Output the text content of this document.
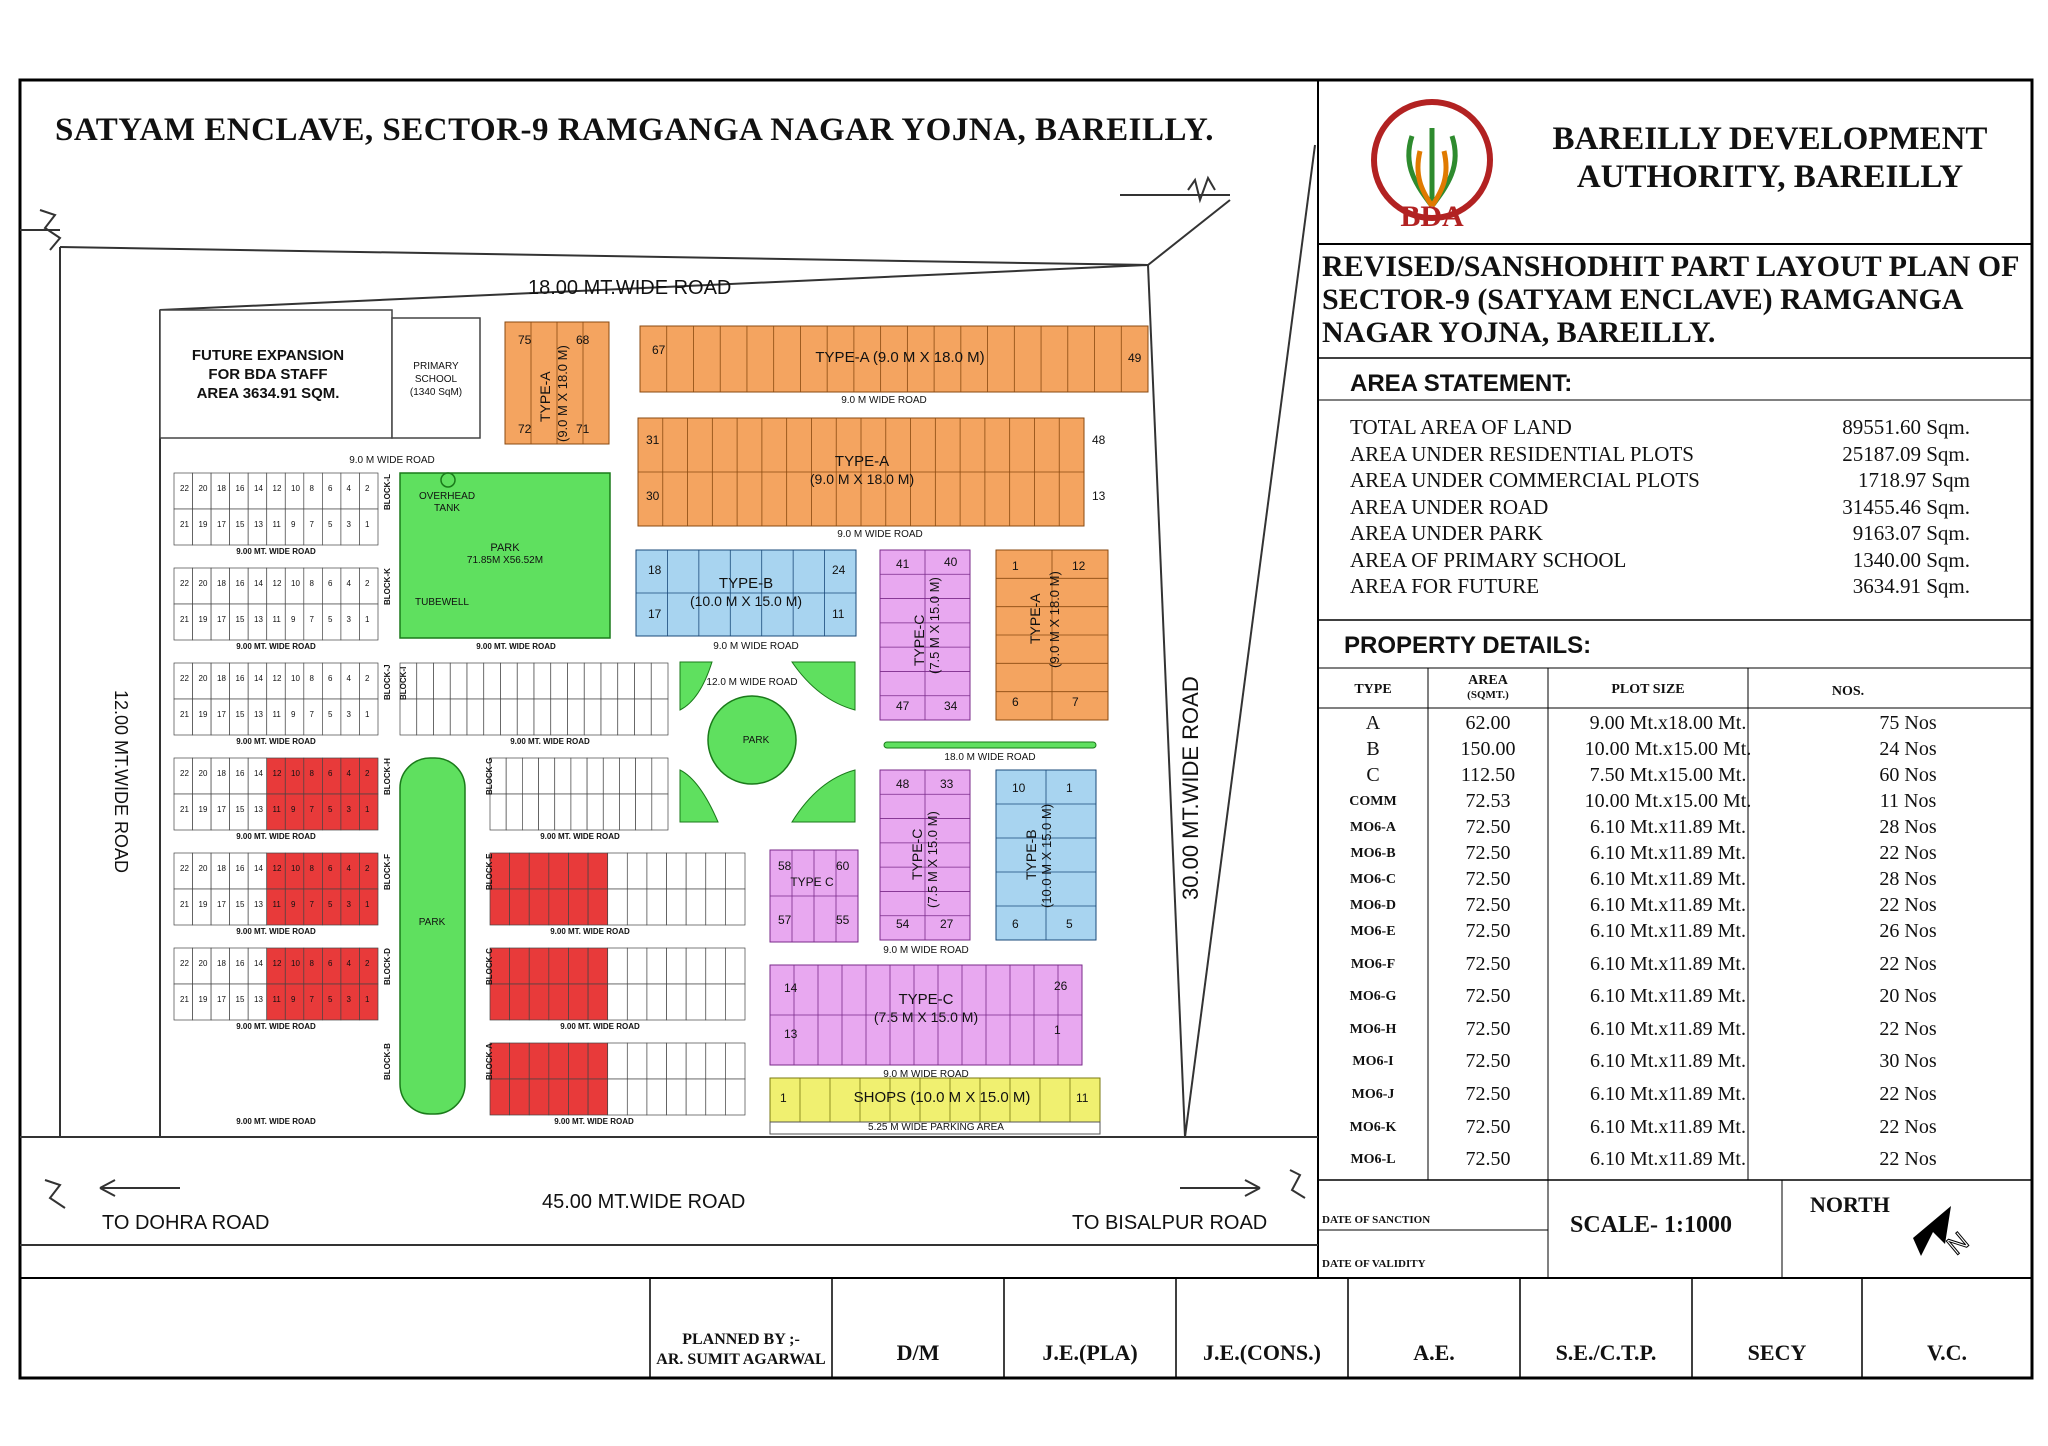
18.00 MT.WIDE ROAD
12.00 MT.WIDE ROAD	30.00 MT.WIDE ROAD
45.00 MT.WIDE ROAD
TO DOHRA ROAD	TO BISALPUR ROAD
FUTURE EXPANSION
FOR BDA STAFF
AREA 3634.91 SQM.
PRIMARY
SCHOOL
(1340 SqM)
PARK
71.85M X56.52M
OVERHEAD
TANK
TUBEWELL
PARK
PARK
TYPE-A (9.0 M X 18.0 M)
TYPE-A
(9.0 M X 18.0 M)
TYPE-A (9.0 M X 18.0 M)
TYPE-B
(10.0 M X 15.0 M)
TYPE-C (7.5 M X 15.0 M)	TYPE-A (9.0 M X 18.0 M)
TYPE-C (7.5 M X 15.0 M)	TYPE-B (10.0 M X 15.0 M)
TYPE C
TYPE-C
(7.5 M X 15.0 M)
SHOPS (10.0 M X 15.0 M)
5.25 M WIDE PARKING AREA
9.0 M WIDE ROAD
9.0 M WIDE ROAD
9.0 M WIDE ROAD
9.0 M WIDE ROAD
12.0 M WIDE ROAD
18.0 M WIDE ROAD
9.0 M WIDE ROAD
9.0 M WIDE ROAD
9.00 MT. WIDE ROAD
9.00 MT. WIDE ROAD
9.00 MT. WIDE ROAD
9.00 MT. WIDE ROAD
9.00 MT. WIDE ROAD
9.00 MT. WIDE ROAD
9.00 MT. WIDE ROAD
9.00 MT. WIDE ROAD
9.00 MT. WIDE ROAD
9.00 MT. WIDE ROAD
9.00 MT. WIDE ROAD
9.00 MT. WIDE ROAD
9.00 MT. WIDE ROAD
BLOCK-L
BLOCK-K
BLOCK-J BLOCK-I
BLOCK-H	BLOCK-G
BLOCK-F	BLOCK-E
BLOCK-D	BLOCK-C
BLOCK-B	BLOCK-A
75	68
72	71
67
49
31	48
30	13
18	24
17	11
41	40
47	34
1	12
6	7
48	33
54	27
10	1
6	5
58	60
57	55
14	26
13	1
1	11
22 20 18 16 14 12 10 8 6 4 2
21 19 17 15 13 11 9 7 5 3 1
22 20 18 16 14 12 10 8 6 4 2
21 19 17 15 13 11 9 7 5 3 1
22 20 18 16 14 12 10 8 6 4 2
21 19 17 15 13 11 9 7 5 3 1
22 20 18 16 14 12 10 8 6 4 2
21 19 17 15 13 11 9 7 5 3 1
22 20 18 16 14 12 10 8 6 4 2
21 19 17 15 13 11 9 7 5 3 1
22 20 18 16 14 12 10 8 6 4 2
21 19 17 15 13 11 9 7 5 3 1
SATYAM ENCLAVE, SECTOR-9 RAMGANGA NAGAR YOJNA, BAREILLY.
BDA
BAREILLY DEVELOPMENT
AUTHORITY, BAREILLY
REVISED/SANSHODHIT PART LAYOUT PLAN OF SECTOR-9 (SATYAM ENCLAVE) RAMGANGA NAGAR YOJNA, BAREILLY.
AREA STATEMENT:
TOTAL AREA OF LAND	89551.60 Sqm.
AREA UNDER RESIDENTIAL PLOTS	25187.09 Sqm.
AREA UNDER COMMERCIAL PLOTS	1718.97 Sqm
AREA UNDER ROAD	31455.46 Sqm.
AREA UNDER PARK	9163.07 Sqm.
AREA OF PRIMARY SCHOOL	1340.00 Sqm.
AREA FOR FUTURE	3634.91 Sqm.
PROPERTY DETAILS:
TYPE
AREA
(SQMT.)	PLOT SIZE	NOS.
A	62.00	9.00 Mt.x18.00 Mt.	75 Nos
B	150.00	10.00 Mt.x15.00 Mt.	24 Nos
C	112.50	7.50 Mt.x15.00 Mt.	60 Nos
COMM	72.53	10.00 Mt.x15.00 Mt.	11 Nos
MO6-A	72.50	6.10 Mt.x11.89 Mt.	28 Nos
MO6-B	72.50	6.10 Mt.x11.89 Mt.	22 Nos
MO6-C	72.50	6.10 Mt.x11.89 Mt.	28 Nos
MO6-D	72.50	6.10 Mt.x11.89 Mt.	22 Nos
MO6-E	72.50	6.10 Mt.x11.89 Mt.	26 Nos
MO6-F	72.50	6.10 Mt.x11.89 Mt.	22 Nos
MO6-G	72.50	6.10 Mt.x11.89 Mt.	20 Nos
MO6-H	72.50	6.10 Mt.x11.89 Mt.	22 Nos
MO6-I	72.50	6.10 Mt.x11.89 Mt.	30 Nos
MO6-J	72.50	6.10 Mt.x11.89 Mt.	22 Nos
MO6-K	72.50	6.10 Mt.x11.89 Mt.	22 Nos
MO6-L	72.50	6.10 Mt.x11.89 Mt.	22 Nos
DATE OF SANCTION
DATE OF VALIDITY
SCALE- 1:1000
NORTH
N
PLANNED BY ;-
AR. SUMIT AGARWAL	D/M	J.E.(PLA)	J.E.(CONS.)	A.E.	S.E./C.T.P.	SECY	V.C.
